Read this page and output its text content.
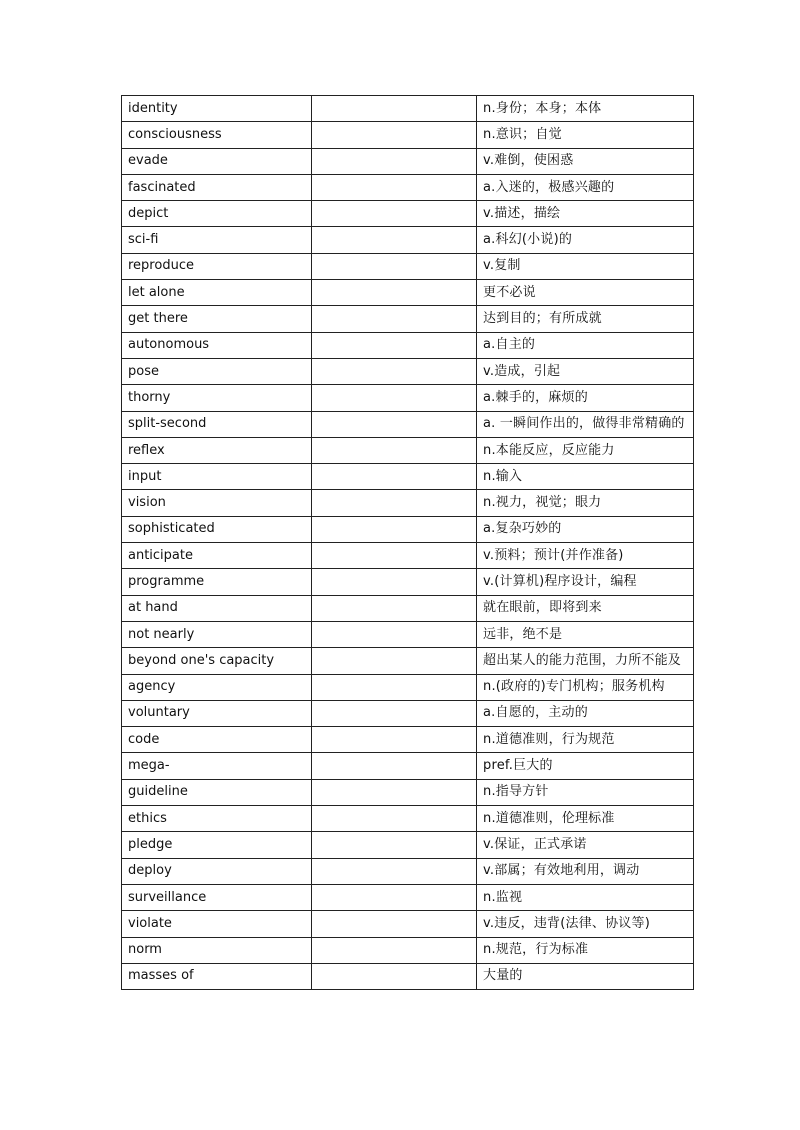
identity		n.身份；本身；本体
consciousness		n.意识；自觉
evade		v.难倒，使困惑
fascinated		a.入迷的，极感兴趣的
depict		v.描述，描绘
sci-fi		a.科幻(小说)的
reproduce		v.复制
let alone		更不必说
get there		达到目的；有所成就
autonomous		a.自主的
pose		v.造成，引起
thorny		a.棘手的，麻烦的
split-second		a. 一瞬间作出的，做得非常精确的
reflex		n.本能反应，反应能力
input		n.输入
vision		n.视力，视觉；眼力
sophisticated		a.复杂巧妙的
anticipate		v.预料；预计(并作准备)
programme		v.(计算机)程序设计，编程
at hand		就在眼前，即将到来
not nearly		远非，绝不是
beyond one's capacity		超出某人的能力范围，力所不能及
agency		n.(政府的)专门机构；服务机构
voluntary		a.自愿的，主动的
code		n.道德准则，行为规范
mega-		pref.巨大的
guideline		n.指导方针
ethics		n.道德准则，伦理标准
pledge		v.保证，正式承诺
deploy		v.部属；有效地利用，调动
surveillance		n.监视
violate		v.违反，违背(法律、协议等)
norm		n.规范，行为标准
masses of		大量的
